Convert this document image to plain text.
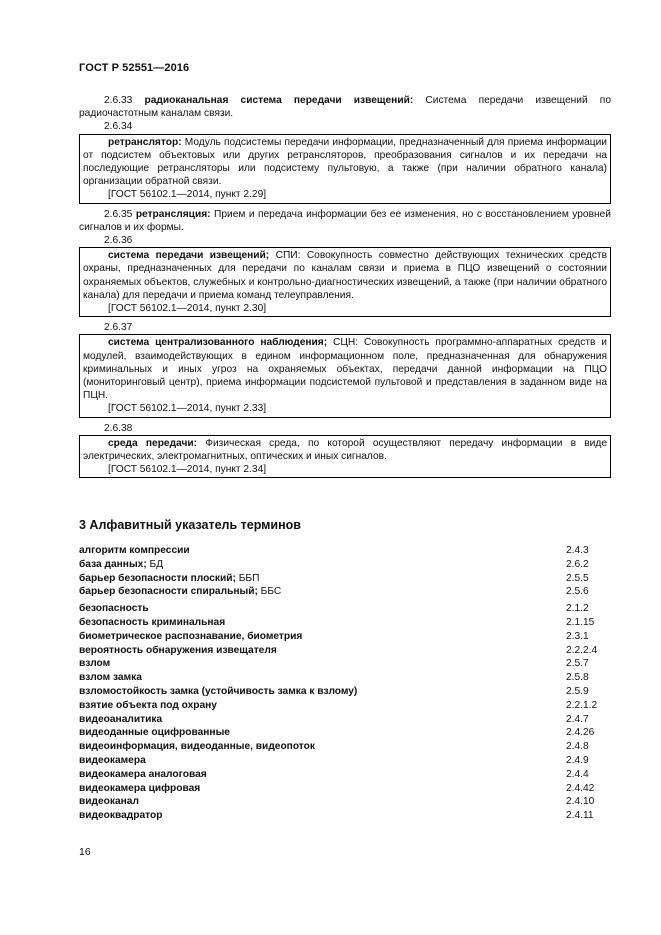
ГОСТ Р 52551—2016

2.6.33 радиоканальная система передачи извещений: Система передачи извещений по радиочастотным каналам связи.

2.6.34

ретранслятор: Модуль подсистемы передачи информации, предназначенный для приема информации от подсистем объектовых или других ретрансляторов, преобразования сигналов и их передачи на последующие ретрансляторы или подсистему пультовую, а также (при наличии обратного канала) организации обратной связи.

[ГОСТ 56102.1—2014, пункт 2.29]

2.6.35 ретрансляция: Прием и передача информации без ее изменения, но с восстановлением уровней сигналов и их формы.

2.6.36

система передачи извещений; СПИ: Совокупность совместно действующих технических средств охраны, предназначенных для передачи по каналам связи и приема в ПЦО извещений о состоянии охраняемых объектов, служебных и контрольно-диагностических извещений, а также (при наличии обратного канала) для передачи и приема команд телеуправления.

[ГОСТ 56102.1—2014, пункт 2.30]

2.6.37

система централизованного наблюдения; СЦН: Совокупность программно-аппаратных средств и модулей, взаимодействующих в едином информационном поле, предназначенная для обнаружения криминальных и иных угроз на охраняемых объектах, передачи данной информации на ПЦО (мониторинговый центр), приема информации подсистемой пультовой и представления в заданном виде на ПЦН.

[ГОСТ 56102.1—2014, пункт 2.33]

2.6.38

среда передачи: Физическая среда, по которой осуществляют передачу информации в виде электрических, электромагнитных, оптических и иных сигналов.

[ГОСТ 56102.1—2014, пункт 2.34]

3 Алфавитный указатель терминов
алгоритм компрессии	2.4.3
база данных; БД	2.6.2
барьер безопасности плоский; ББП	2.5.5
барьер безопасности спиральный; ББС	2.5.6
безопасность	2.1.2
безопасность криминальная	2.1.15
биометрическое распознавание, биометрия	2.3.1
вероятность обнаружения извещателя	2.2.2.4
взлом	2.5.7
взлом замка	2.5.8
взломостойкость замка (устойчивость замка к взлому)	2.5.9
взятие объекта под охрану	2.2.1.2
видеоаналитика	2.4.7
видеоданные оцифрованные	2.4.26
видеоинформация, видеоданные, видеопоток	2.4.8
видеокамера	2.4.9
видеокамера аналоговая	2.4.4
видеокамера цифровая	2.4.42
видеоканал	2.4.10
видеоквадратор	2.4.11
16
